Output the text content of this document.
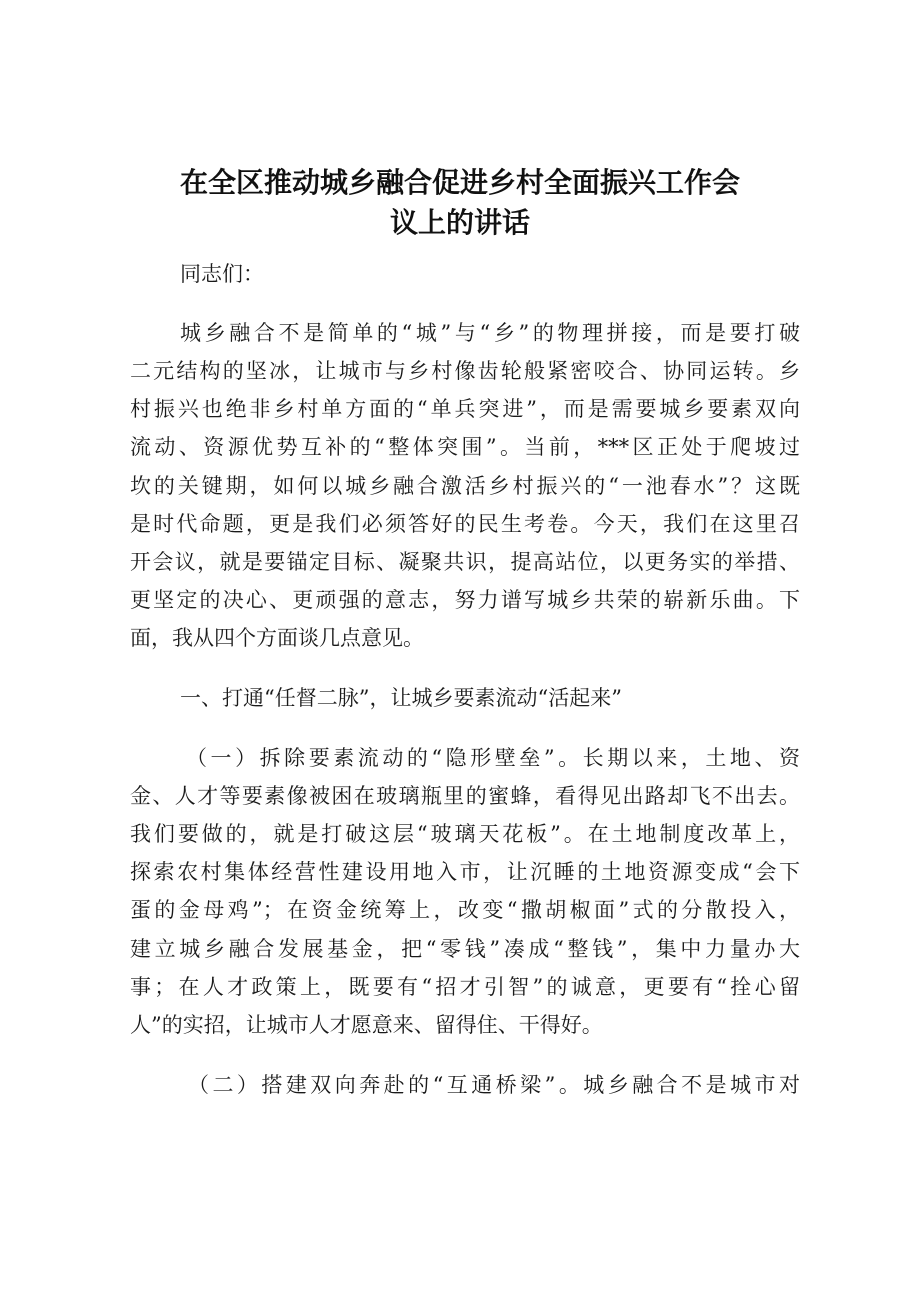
在全区推动城乡融合促进乡村全面振兴工作会
议上的讲话

同志们：

城乡融合不是简单的“城”与“乡”的物理拼接，而是要打破

二元结构的坚冰，让城市与乡村像齿轮般紧密咬合、协同运转。乡

村振兴也绝非乡村单方面的“单兵突进”，而是需要城乡要素双向

流动、资源优势互补的“整体突围”。当前，***区正处于爬坡过

坎的关键期，如何以城乡融合激活乡村振兴的“一池春水”？这既

是时代命题，更是我们必须答好的民生考卷。今天，我们在这里召

开会议，就是要锚定目标、凝聚共识，提高站位，以更务实的举措、

更坚定的决心、更顽强的意志，努力谱写城乡共荣的崭新乐曲。下

面，我从四个方面谈几点意见。

一、打通“任督二脉”，让城乡要素流动“活起来”

（一）拆除要素流动的“隐形壁垒”。长期以来，土地、资

金、人才等要素像被困在玻璃瓶里的蜜蜂，看得见出路却飞不出去。

我们要做的，就是打破这层“玻璃天花板”。在土地制度改革上，

探索农村集体经营性建设用地入市，让沉睡的土地资源变成“会下

蛋的金母鸡”；在资金统筹上，改变“撒胡椒面”式的分散投入，

建立城乡融合发展基金，把“零钱”凑成“整钱”，集中力量办大

事；在人才政策上，既要有“招才引智”的诚意，更要有“拴心留

人”的实招，让城市人才愿意来、留得住、干得好。

（二）搭建双向奔赴的“互通桥梁”。城乡融合不是城市对
